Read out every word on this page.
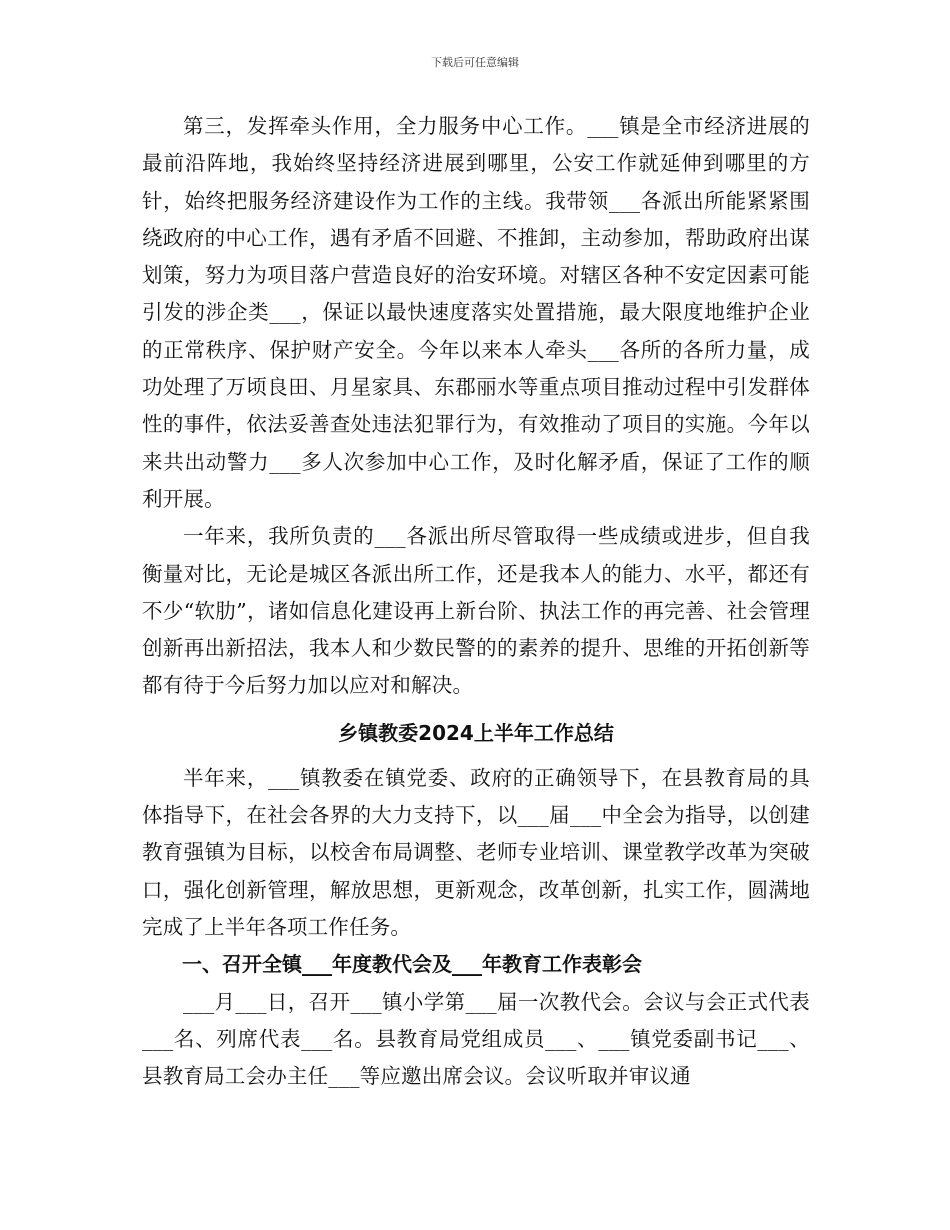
下载后可任意编辑

第三，发挥牵头作用，全力服务中心工作。___镇是全市经济进展的最前沿阵地，我始终坚持经济进展到哪里，公安工作就延伸到哪里的方针，始终把服务经济建设作为工作的主线。我带领___各派出所能紧紧围绕政府的中心工作，遇有矛盾不回避、不推卸，主动参加，帮助政府出谋划策，努力为项目落户营造良好的治安环境。对辖区各种不安定因素可能引发的涉企类___，保证以最快速度落实处置措施，最大限度地维护企业的正常秩序、保护财产安全。今年以来本人牵头___各所的各所力量，成功处理了万顷良田、月星家具、东郡丽水等重点项目推动过程中引发群体性的事件，依法妥善查处违法犯罪行为，有效推动了项目的实施。今年以来共出动警力___多人次参加中心工作，及时化解矛盾，保证了工作的顺利开展。

一年来，我所负责的___各派出所尽管取得一些成绩或进步，但自我衡量对比，无论是城区各派出所工作，还是我本人的能力、水平，都还有不少“软肋”，诸如信息化建设再上新台阶、执法工作的再完善、社会管理创新再出新招法，我本人和少数民警的的素养的提升、思维的开拓创新等都有待于今后努力加以应对和解决。

乡镇教委2024上半年工作总结

半年来，___镇教委在镇党委、政府的正确领导下，在县教育局的具体指导下，在社会各界的大力支持下，以___届___中全会为指导，以创建教育强镇为目标，以校舍布局调整、老师专业培训、课堂教学改革为突破口，强化创新管理，解放思想，更新观念，改革创新，扎实工作，圆满地完成了上半年各项工作任务。

一、召开全镇___年度教代会及___年教育工作表彰会

___月___日，召开___镇小学第___届一次教代会。会议与会正式代表___名、列席代表___名。县教育局党组成员___、___镇党委副书记___、县教育局工会办主任___等应邀出席会议。会议听取并审议通
